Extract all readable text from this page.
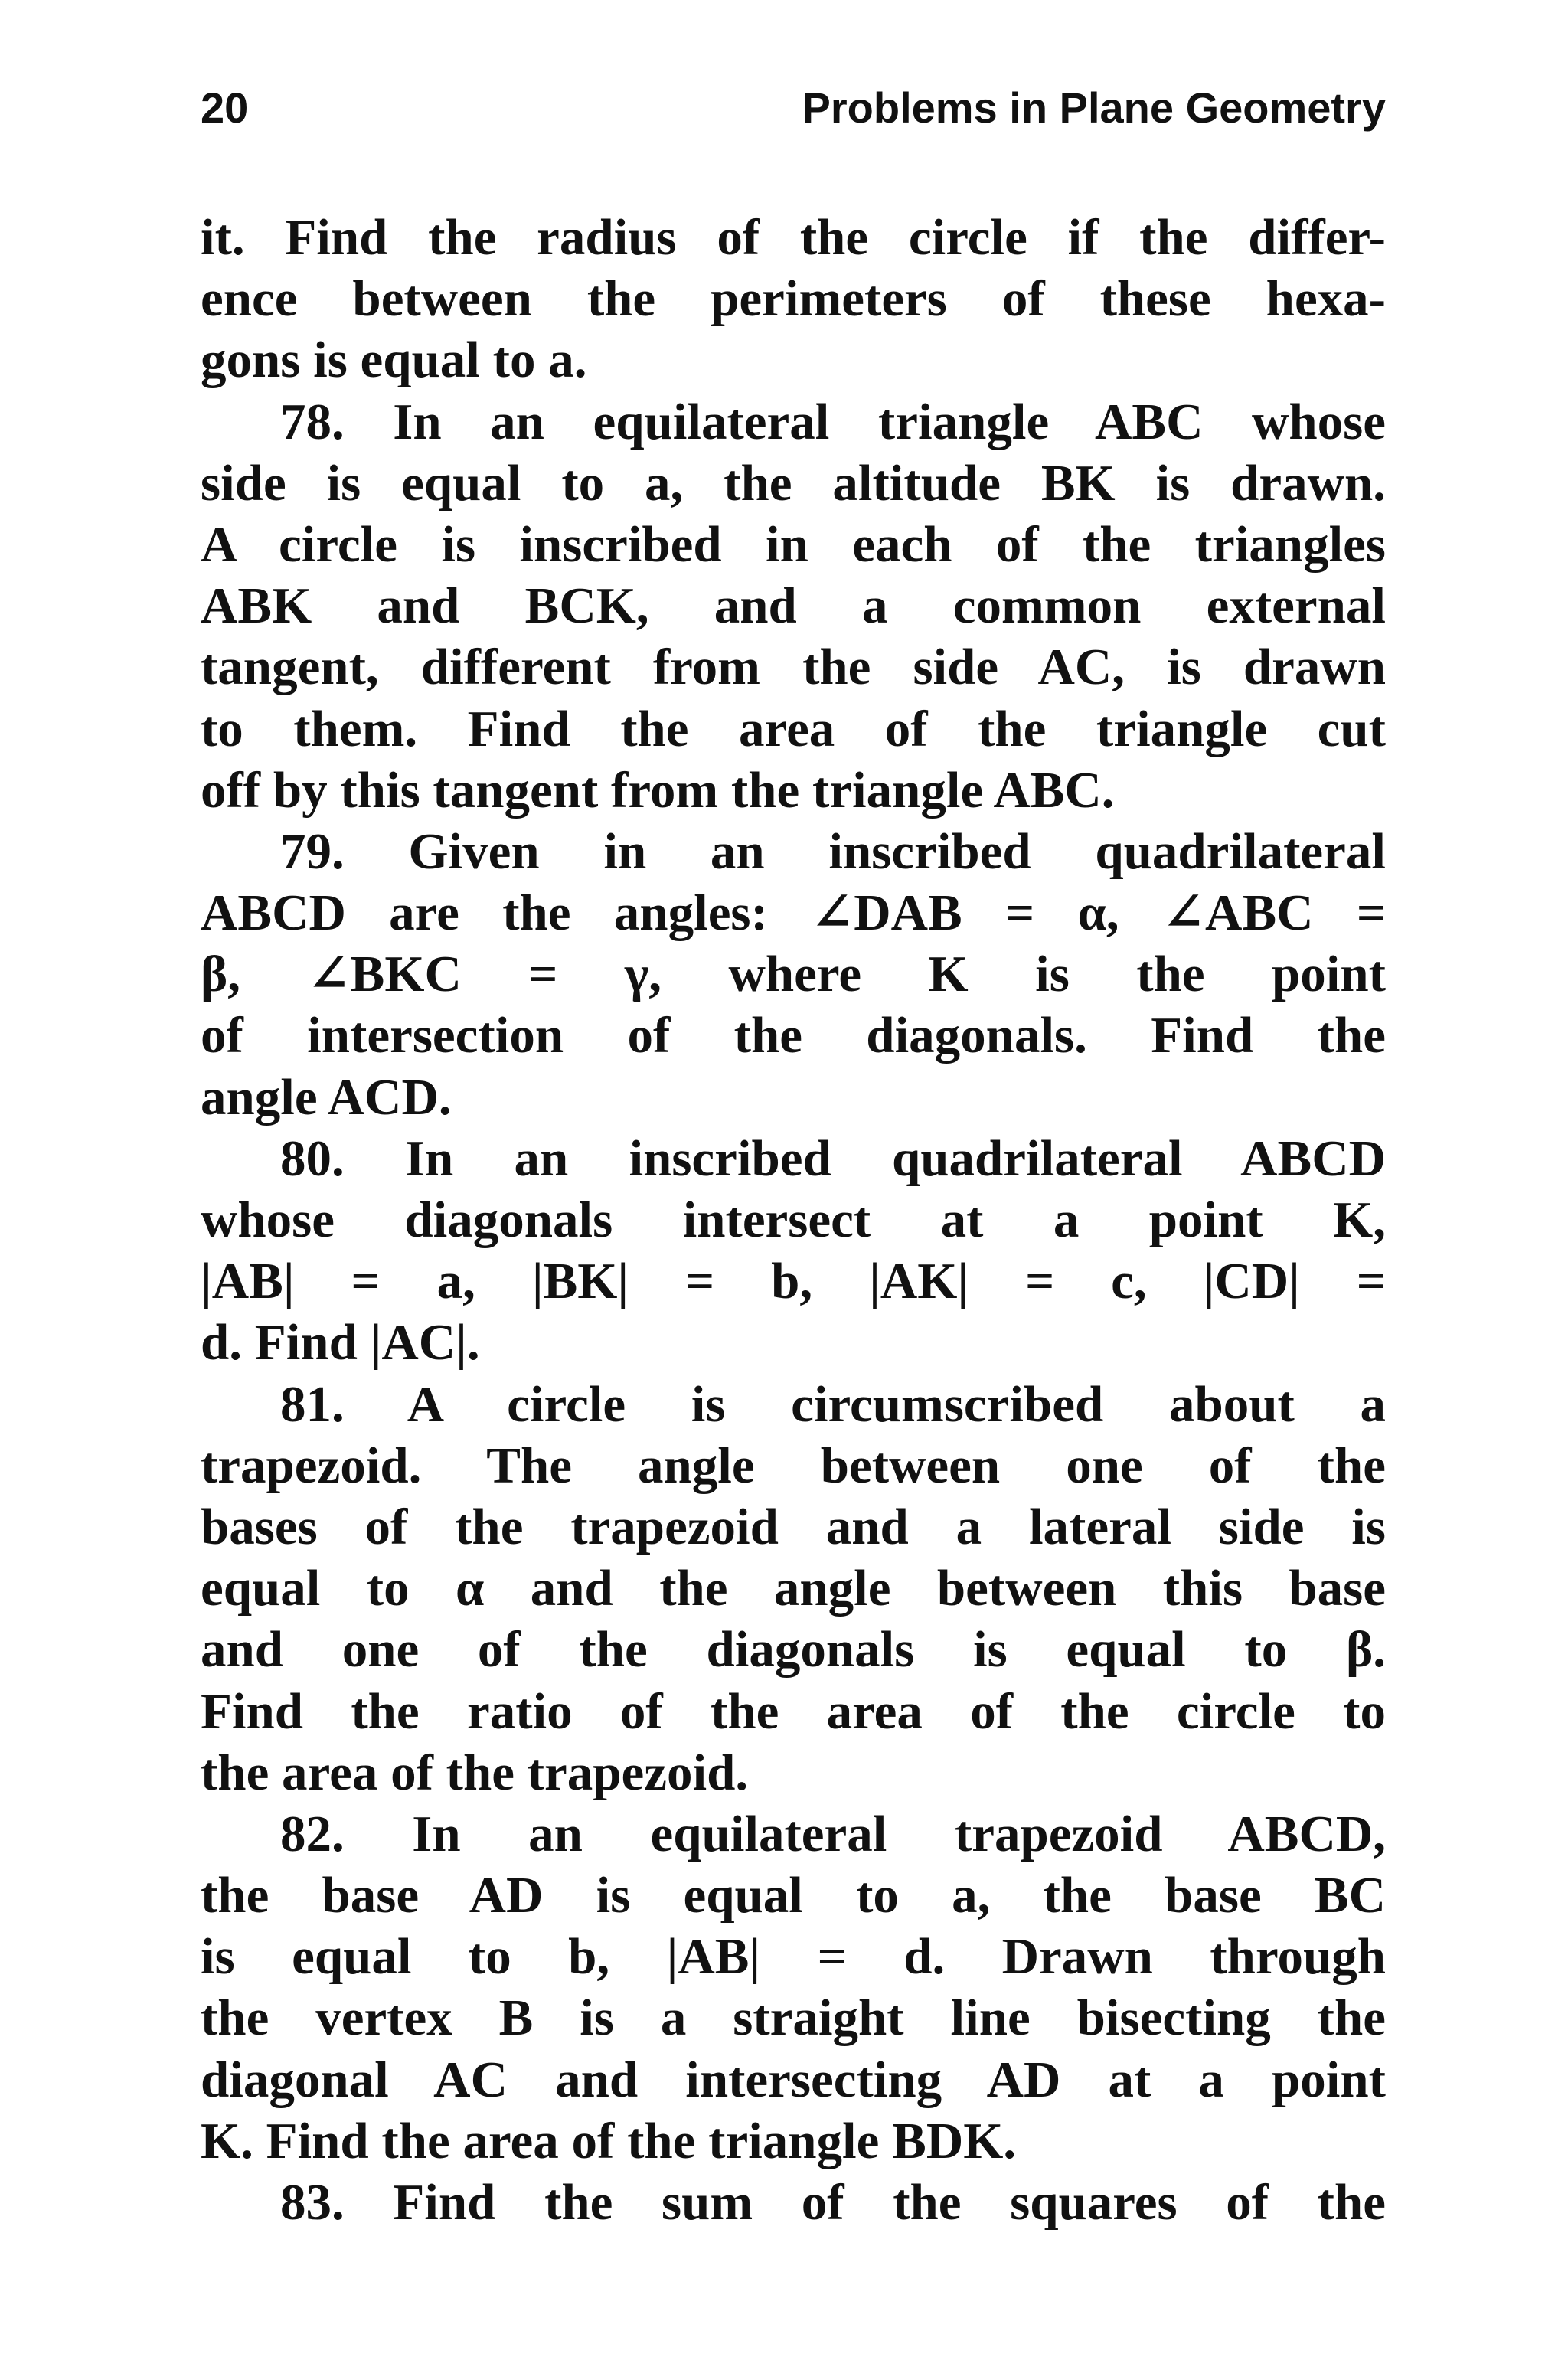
20	Problems in Plane Geometry
it. Find the radius of the circle if the differ-
ence between the perimeters of these hexa-
gons is equal to a.
78. In an equilateral triangle ABC whose
side is equal to a, the altitude BK is drawn.
A circle is inscribed in each of the triangles
ABK and BCK, and a common external
tangent, different from the side AC, is drawn
to them. Find the area of the triangle cut
off by this tangent from the triangle ABC.
79. Given in an inscribed quadrilateral
ABCD are the angles: ∠DAB = α, ∠ABC =
β, ∠BKC = γ, where K is the point
of intersection of the diagonals. Find the
angle ACD.
80. In an inscribed quadrilateral ABCD
whose diagonals intersect at a point K,
|AB| = a, |BK| = b, |AK| = c, |CD| =
d. Find |AC|.
81. A circle is circumscribed about a
trapezoid. The angle between one of the
bases of the trapezoid and a lateral side is
equal to α and the angle between this base
and one of the diagonals is equal to β.
Find the ratio of the area of the circle to
the area of the trapezoid.
82. In an equilateral trapezoid ABCD,
the base AD is equal to a, the base BC
is equal to b, |AB| = d. Drawn through
the vertex B is a straight line bisecting the
diagonal AC and intersecting AD at a point
K. Find the area of the triangle BDK.
83. Find the sum of the squares of the
